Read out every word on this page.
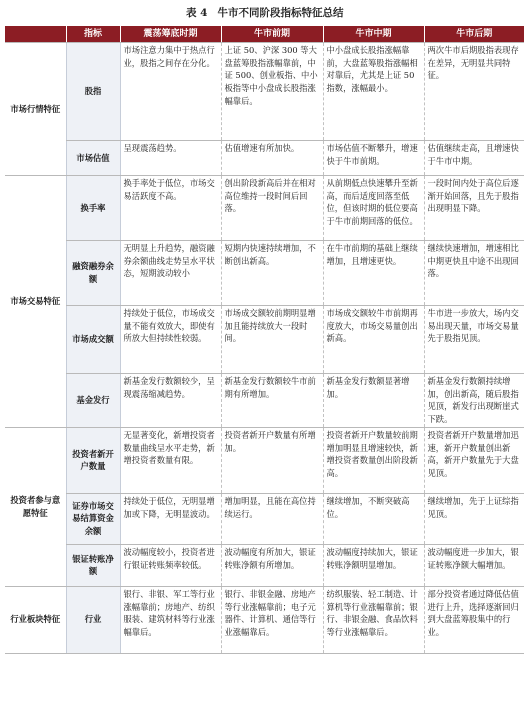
表 4 牛市不同阶段指标特征总结
	指标	震荡筹底时期	牛市前期	牛市中期	牛市后期
市场行情特征	股指	市场注意力集中于热点行业，股指之间存在分化。	上证 50、沪深 300 等大盘蓝筹股指涨幅靠前，中证 500、创业板指、中小板指等中小盘成长股指涨幅靠后。	中小盘成长股指涨幅靠前，大盘蓝筹股指涨幅相对靠后，尤其是上证 50 指数，涨幅最小。	两次牛市后期股指表现存在差异，无明显共同特征。
	市场估值	呈现震荡趋势。	估值增速有所加快。	市场估值不断攀升，增速快于牛市前期。	估值继续走高，且增速快于牛市中期。
市场交易特征	换手率	换手率处于低位，市场交易活跃度不高。	创出阶段新高后并在相对高位维持一段时间后回落。	从前期低点快速攀升至新高，而后适度回落至低位，但该时期的低位要高于牛市前期回落的低位。	一段时间内处于高位后逐渐开始回落，且先于股指出现明显下降。
	融资融券余额	无明显上升趋势，融资融券余额曲线走势呈水平状态，短期波动较小	短期内快速持续增加，不断创出新高。	在牛市前期的基础上继续增加，且增速更快。	继续快速增加，增速相比中期更快且中途不出现回落。
	市场成交额	持续处于低位，市场成交量不能有效放大，即使有所放大但持续性较弱。	市场成交额较前期明显增加且能持续放大一段时间。	市场成交额较牛市前期再度放大，市场交易量创出新高。	牛市进一步放大，场内交易出现天量，市场交易量先于股指见顶。
	基金发行	新基金发行数额较少，呈现震荡缩减趋势。	新基金发行数额较牛市前期有所增加。	新基金发行数额显著增加。	新基金发行数额持续增加，创出新高，随后股指见顶，新发行出现断崖式下跌。
投资者参与意愿特征	投资者新开户数量	无显著变化，新增投资者数量曲线呈水平走势，新增投资者数量有限。	投资者新开户数量有所增加。	投资者新开户数量较前期增加明显且增速较快，新增投资者数量创出阶段新高。	投资者新开户数量增加迅速，新开户数量创出新高，新开户数量先于大盘见顶。
	证券市场交易结算资金余额	持续处于低位，无明显增加或下降，无明显波动。	增加明显，且能在高位持续运行。	继续增加，不断突破高位。	继续增加，先于上证综指见顶。
	银证转账净额	波动幅度较小，投资者进行银证转账频率较低。	波动幅度有所加大，银证转账净额有所增加。	波动幅度持续加大，银证转账净额明显增加。	波动幅度进一步加大，银证转账净额大幅增加。
行业板块特征	行业	银行、非银、军工等行业涨幅靠前；房地产、纺织服装、建筑材料等行业涨幅靠后。	银行、非银金融、房地产等行业涨幅靠前；电子元器件、计算机、通信等行业涨幅靠后。	纺织服装、轻工制造、计算机等行业涨幅靠前；银行、非银金融、食品饮料等行业涨幅靠后。	部分投资者通过降低估值进行上升，选择逐渐回归到大盘蓝筹股集中的行业。
